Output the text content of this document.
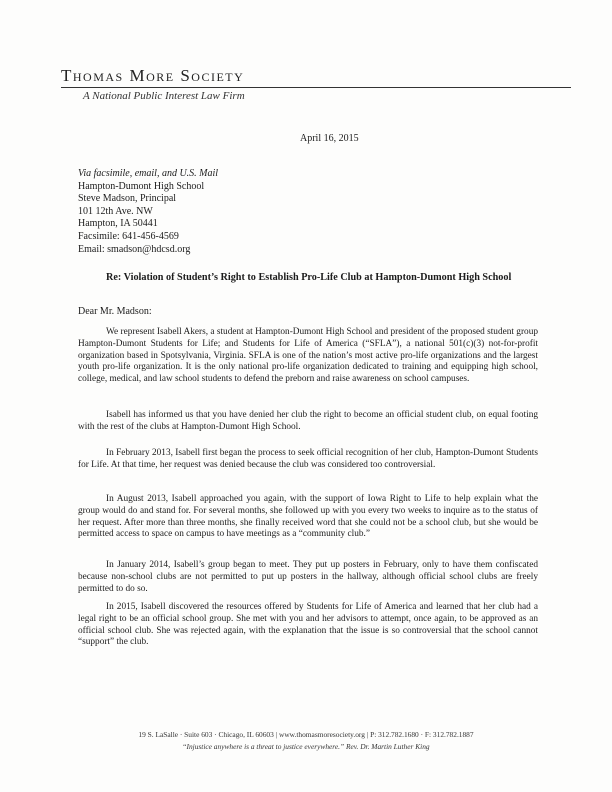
Thomas More Society
A National Public Interest Law Firm
April 16, 2015
Via facsimile, email, and U.S. Mail
Hampton-Dumont High School
Steve Madson, Principal
101 12th Ave. NW
Hampton, IA 50441
Facsimile: 641-456-4569
Email: smadson@hdcsd.org
Re: Violation of Student’s Right to Establish Pro-Life Club at Hampton-Dumont High School
Dear Mr. Madson:

We represent Isabell Akers, a student at Hampton-Dumont High School and president of the proposed student group Hampton-Dumont Students for Life; and Students for Life of America (“SFLA”), a national 501(c)(3) not-for-profit organization based in Spotsylvania, Virginia. SFLA is one of the nation’s most active pro-life organizations and the largest youth pro-life organization. It is the only national pro-life organization dedicated to training and equipping high school, college, medical, and law school students to defend the preborn and raise awareness on school campuses.

Isabell has informed us that you have denied her club the right to become an official student club, on equal footing with the rest of the clubs at Hampton-Dumont High School.

In February 2013, Isabell first began the process to seek official recognition of her club, Hampton-Dumont Students for Life. At that time, her request was denied because the club was considered too controversial.

In August 2013, Isabell approached you again, with the support of Iowa Right to Life to help explain what the group would do and stand for. For several months, she followed up with you every two weeks to inquire as to the status of her request. After more than three months, she finally received word that she could not be a school club, but she would be permitted access to space on campus to have meetings as a “community club.”

In January 2014, Isabell’s group began to meet. They put up posters in February, only to have them confiscated because non-school clubs are not permitted to put up posters in the hallway, although official school clubs are freely permitted to do so.

In 2015, Isabell discovered the resources offered by Students for Life of America and learned that her club had a legal right to be an official school group. She met with you and her advisors to attempt, once again, to be approved as an official school club. She was rejected again, with the explanation that the issue is so controversial that the school cannot “support” the club.

19 S. LaSalle · Suite 603 · Chicago, IL 60603 | www.thomasmoresociety.org | P: 312.782.1680 · F: 312.782.1887
“Injustice anywhere is a threat to justice everywhere.” Rev. Dr. Martin Luther King
